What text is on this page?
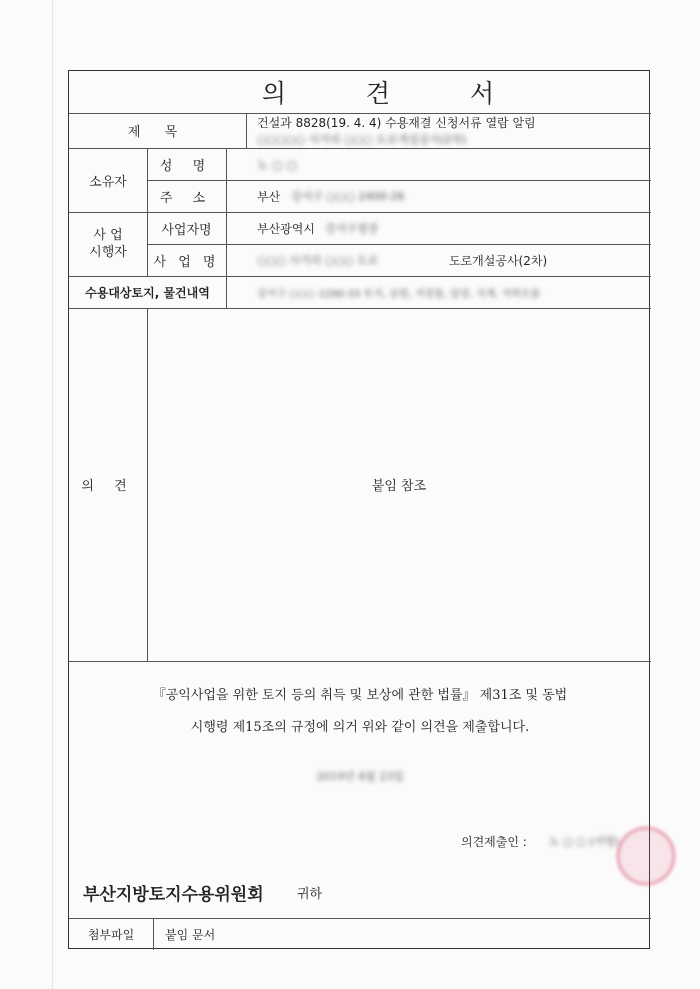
의 견 서
제 목
건설과 8828(19. 4. 4) 수용재결 신청서류 열람 알림
○○○○○ 사거리 ○○○ 도로개설공사(2차)
소유자
성 명	노 ○ ○
주 소	부산 강서구 ○○○ 2400-26
사 업
시행자
사업자명	부산광역시 강서구청장
사 업 명	○○○ 사거리 ○○○ 도로	도로개설공사(2차)
수용대상토지, 물건내역	강서구 ○○○ 1290-33 토지, 공원, 지장물, 담장, 식재, 지하모물
의 견	붙임 참조
『공익사업을 위한 토지 등의 취득 및 보상에 관한 법률』 제31조 및 동법
시행령 제15조의 규정에 의거 위와 같이 의견을 제출합니다.
2019년 4월 23일
의견제출인 :	노 ○ ○ (서명)
부산지방토지수용위원회	귀하
첨부파일	붙임 문서
